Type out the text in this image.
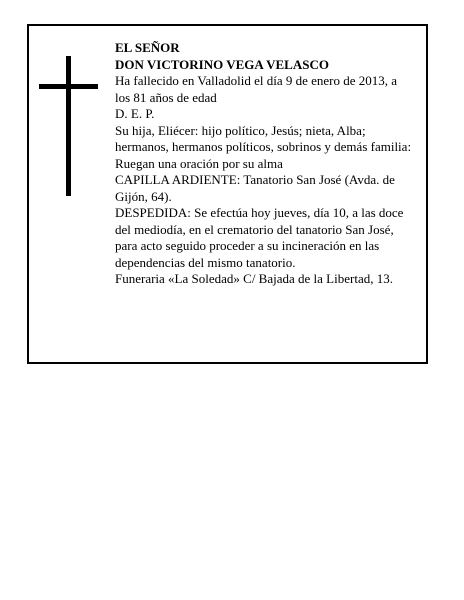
EL SEÑOR

DON VICTORINO VEGA VELASCO

Ha fallecido en Valladolid el día 9 de enero de 2013, a los 81 años de edad

D. E. P.

Su hija, Eliécer: hijo político, Jesús; nieta, Alba; hermanos, hermanos políticos, sobrinos y demás familia:

Ruegan una oración por su alma

CAPILLA ARDIENTE: Tanatorio San José (Avda. de Gijón, 64).

DESPEDIDA: Se efectúa hoy jueves, día 10, a las doce del mediodía, en el crematorio del tanatorio San José, para acto seguido proceder a su incineración en las dependencias del mismo tanatorio.

Funeraria «La Soledad» C/ Bajada de la Libertad, 13.
